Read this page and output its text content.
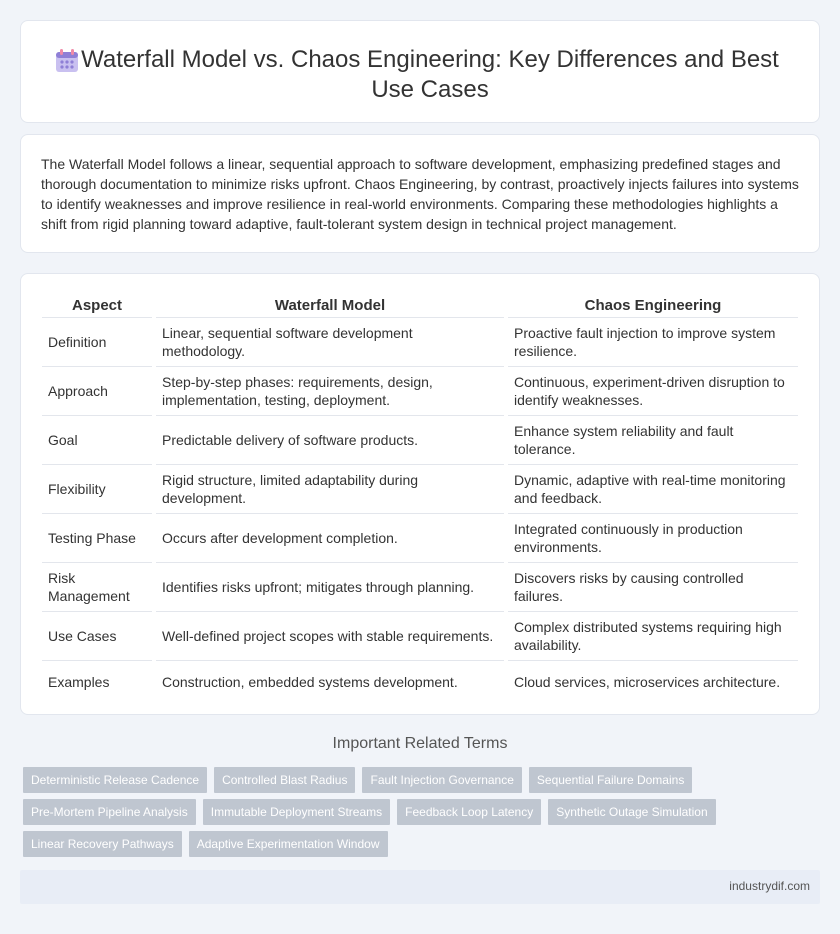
Waterfall Model vs. Chaos Engineering: Key Differences and Best Use Cases

The Waterfall Model follows a linear, sequential approach to software development, emphasizing predefined stages and thorough documentation to minimize risks upfront. Chaos Engineering, by contrast, proactively injects failures into systems to identify weaknesses and improve resilience in real-world environments. Comparing these methodologies highlights a shift from rigid planning toward adaptive, fault-tolerant system design in technical project management.

Aspect		Waterfall Model		Chaos Engineering
Definition		Linear, sequential software development methodology.		Proactive fault injection to improve system resilience.
Approach		Step-by-step phases: requirements, design, implementation, testing, deployment.		Continuous, experiment-driven disruption to identify weaknesses.
Goal		Predictable delivery of software products.		Enhance system reliability and fault tolerance.
Flexibility		Rigid structure, limited adaptability during development.		Dynamic, adaptive with real-time monitoring and feedback.
Testing Phase		Occurs after development completion.		Integrated continuously in production environments.
Risk Management		Identifies risks upfront; mitigates through planning.		Discovers risks by causing controlled failures.
Use Cases		Well-defined project scopes with stable requirements.		Complex distributed systems requiring high availability.
Examples		Construction, embedded systems development.		Cloud services, microservices architecture.
Important Related Terms
Deterministic Release Cadence	Controlled Blast Radius	Fault Injection Governance	Sequential Failure Domains
Pre-Mortem Pipeline Analysis	Immutable Deployment Streams	Feedback Loop Latency	Synthetic Outage Simulation
Linear Recovery Pathways	Adaptive Experimentation Window
industrydif.com
